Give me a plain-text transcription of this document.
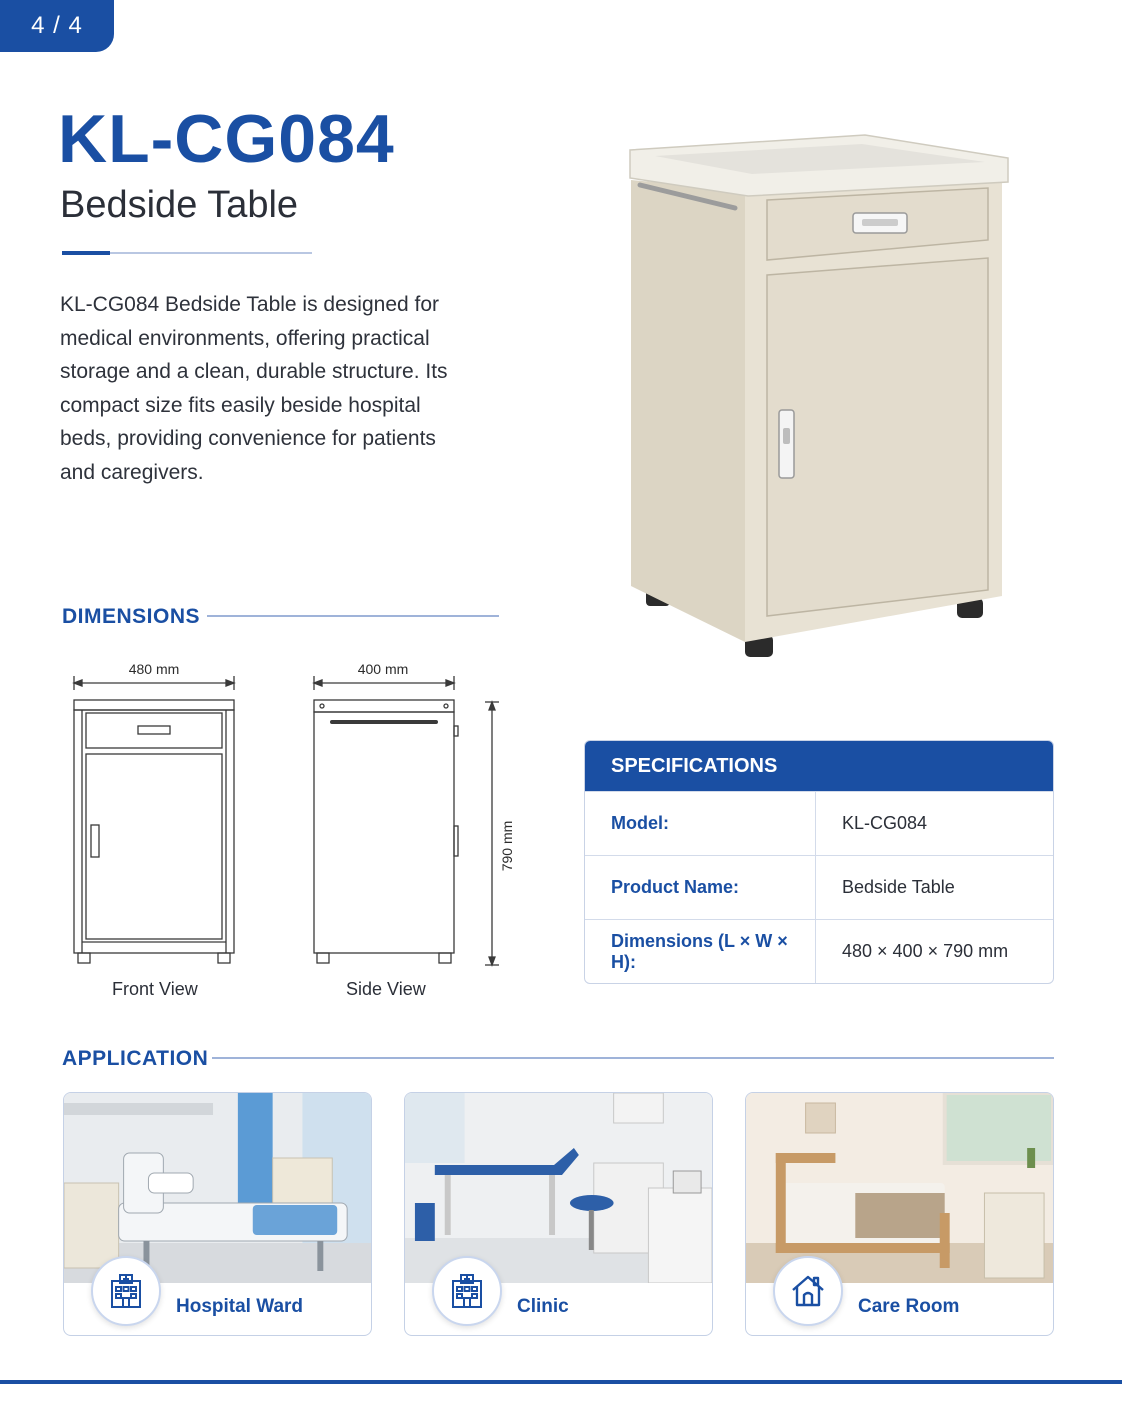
4 / 4
KL-CG084
Bedside Table
KL-CG084 Bedside Table is designed for medical environments, offering practical storage and a clean, durable structure. Its compact size fits easily beside hospital beds, providing convenience for patients and caregivers.
DIMENSIONS
480 mm	400 mm
790 mm
Front View	Side View
SPECIFICATIONS
Model:	KL-CG084
Product Name:	Bedside Table
Dimensions (L × W × H):
480 × 400 × 790 mm
APPLICATION
Hospital Ward	Clinic	Care Room
